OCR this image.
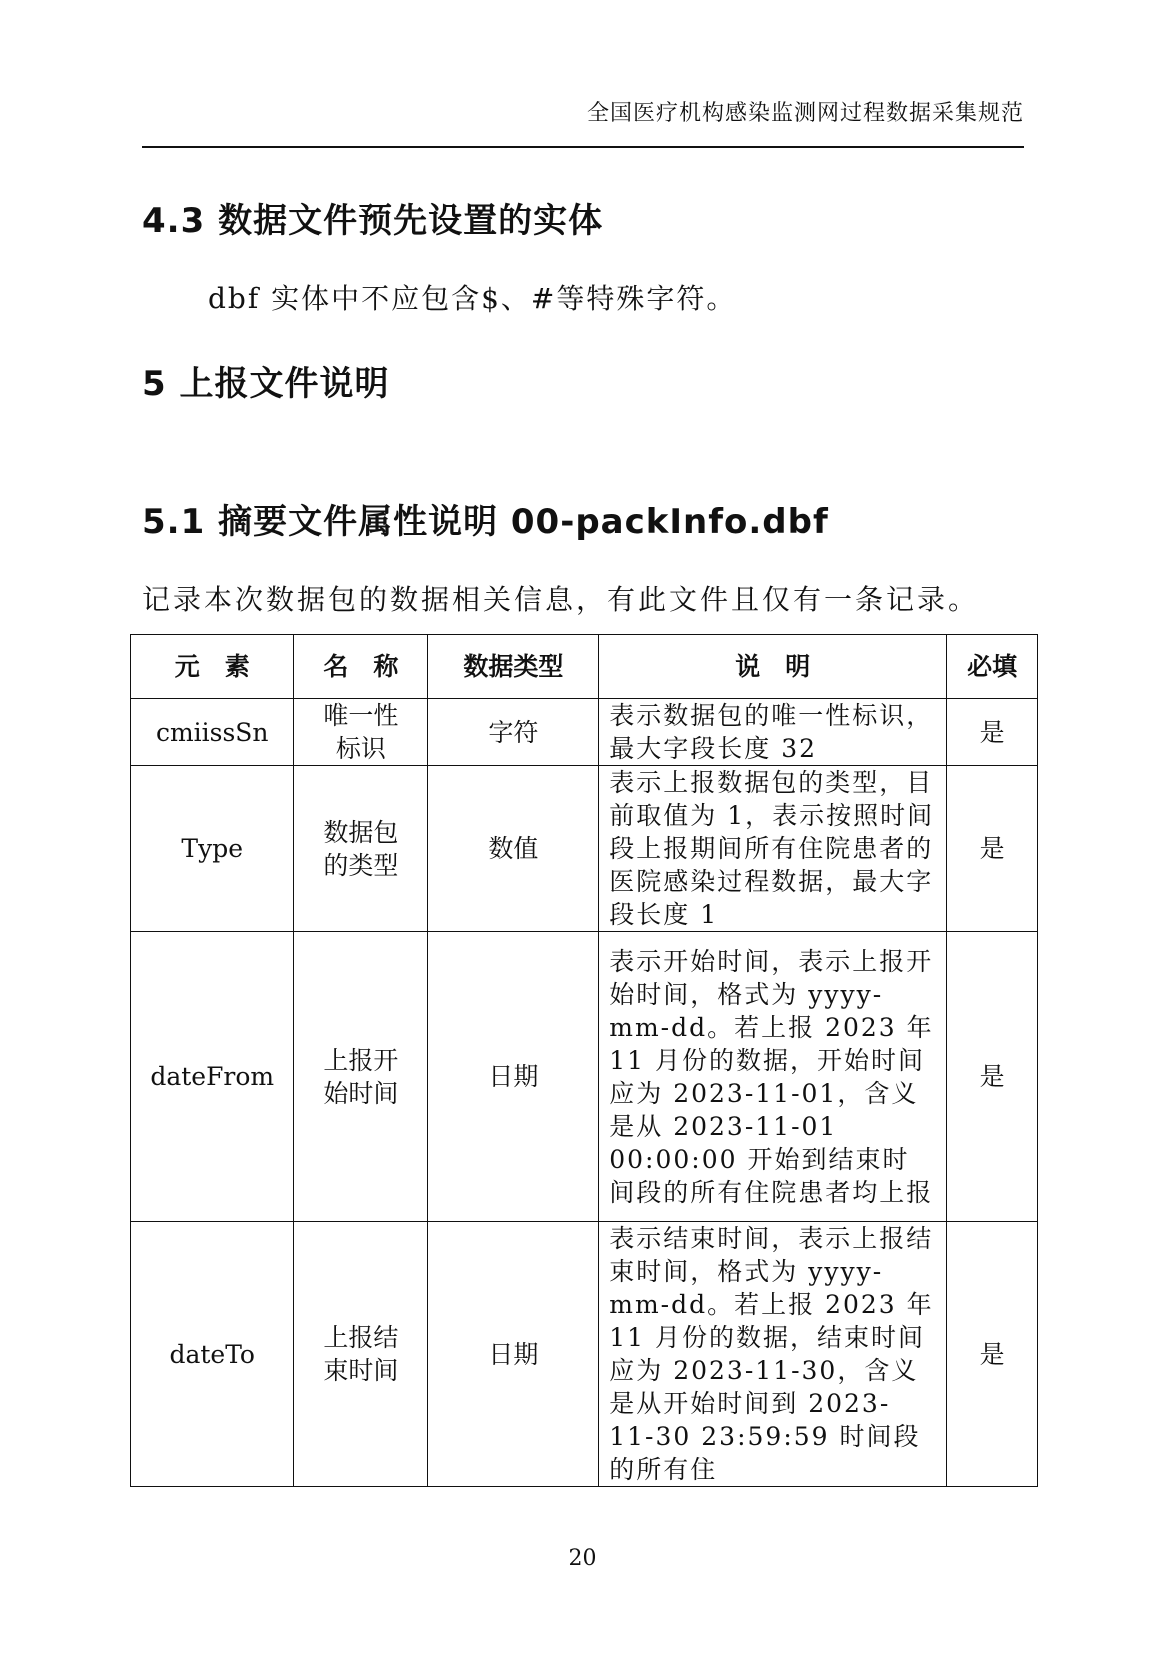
全国医疗机构感染监测网过程数据采集规范
4.3 数据文件预先设置的实体

dbf 实体中不应包含$、#等特殊字符。

5 上报文件说明
5.1 摘要文件属性说明 00-packInfo.dbf

记录本次数据包的数据相关信息，有此文件且仅有一条记录。

元　素	名　称	数据类型	说　明	必填
cmiissSn	唯一性标识	字符	表示数据包的唯一性标识，最大字段长度 32	是
Type	数据包的类型	数值	表示上报数据包的类型，目前取值为 1，表示按照时间段上报期间所有住院患者的医院感染过程数据，最大字段长度 1	是
dateFrom	上报开始时间	日期	表示开始时间，表示上报开始时间，格式为 yyyy-mm-dd。若上报 2023 年 11 月份的数据，开始时间应为 2023-11-01，含义是从 2023-11-01 00:00:00 开始到结束时间段的所有住院患者均上报	是
dateTo	上报结束时间	日期	表示结束时间，表示上报结束时间，格式为 yyyy-mm-dd。若上报 2023 年 11 月份的数据，结束时间应为 2023-11-30，含义是从开始时间到 2023-11-30 23:59:59 时间段的所有住	是
20
